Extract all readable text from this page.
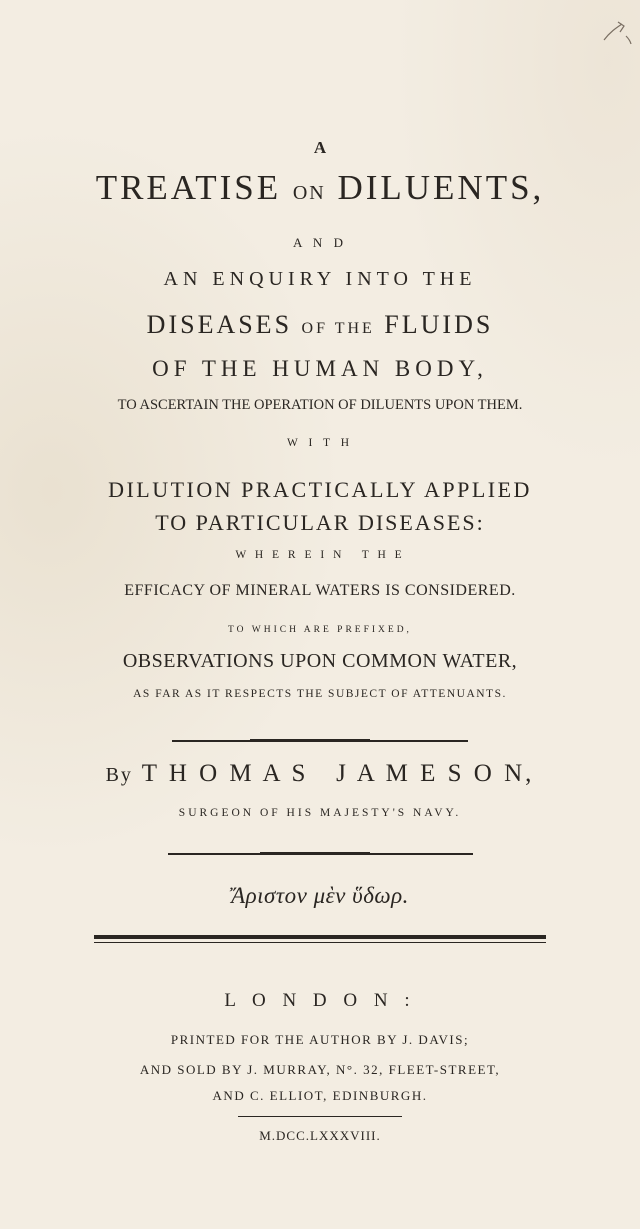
A
TREATISE ON DILUENTS,
A N D
AN ENQUIRY INTO THE
DISEASES OF THE FLUIDS
OF THE HUMAN BODY,
TO ASCERTAIN THE OPERATION OF DILUENTS UPON THEM.
W I T H
DILUTION PRACTICALLY APPLIED
TO PARTICULAR DISEASES:
W H E R E I N   T H E
EFFICACY OF MINERAL WATERS IS CONSIDERED.
TO WHICH ARE PREFIXED,
OBSERVATIONS UPON COMMON WATER,
AS FAR AS IT RESPECTS THE SUBJECT OF ATTENUANTS.
By T H O M A S   J A M E S O N,
SURGEON OF HIS MAJESTY'S NAVY.
Ἄριστον μὲν ὕδωρ.
L O N D O N :
PRINTED FOR THE AUTHOR BY J. DAVIS;
AND SOLD BY J. MURRAY, N°. 32, FLEET-STREET,
AND C. ELLIOT, EDINBURGH.
M.DCC.LXXXVIII.
